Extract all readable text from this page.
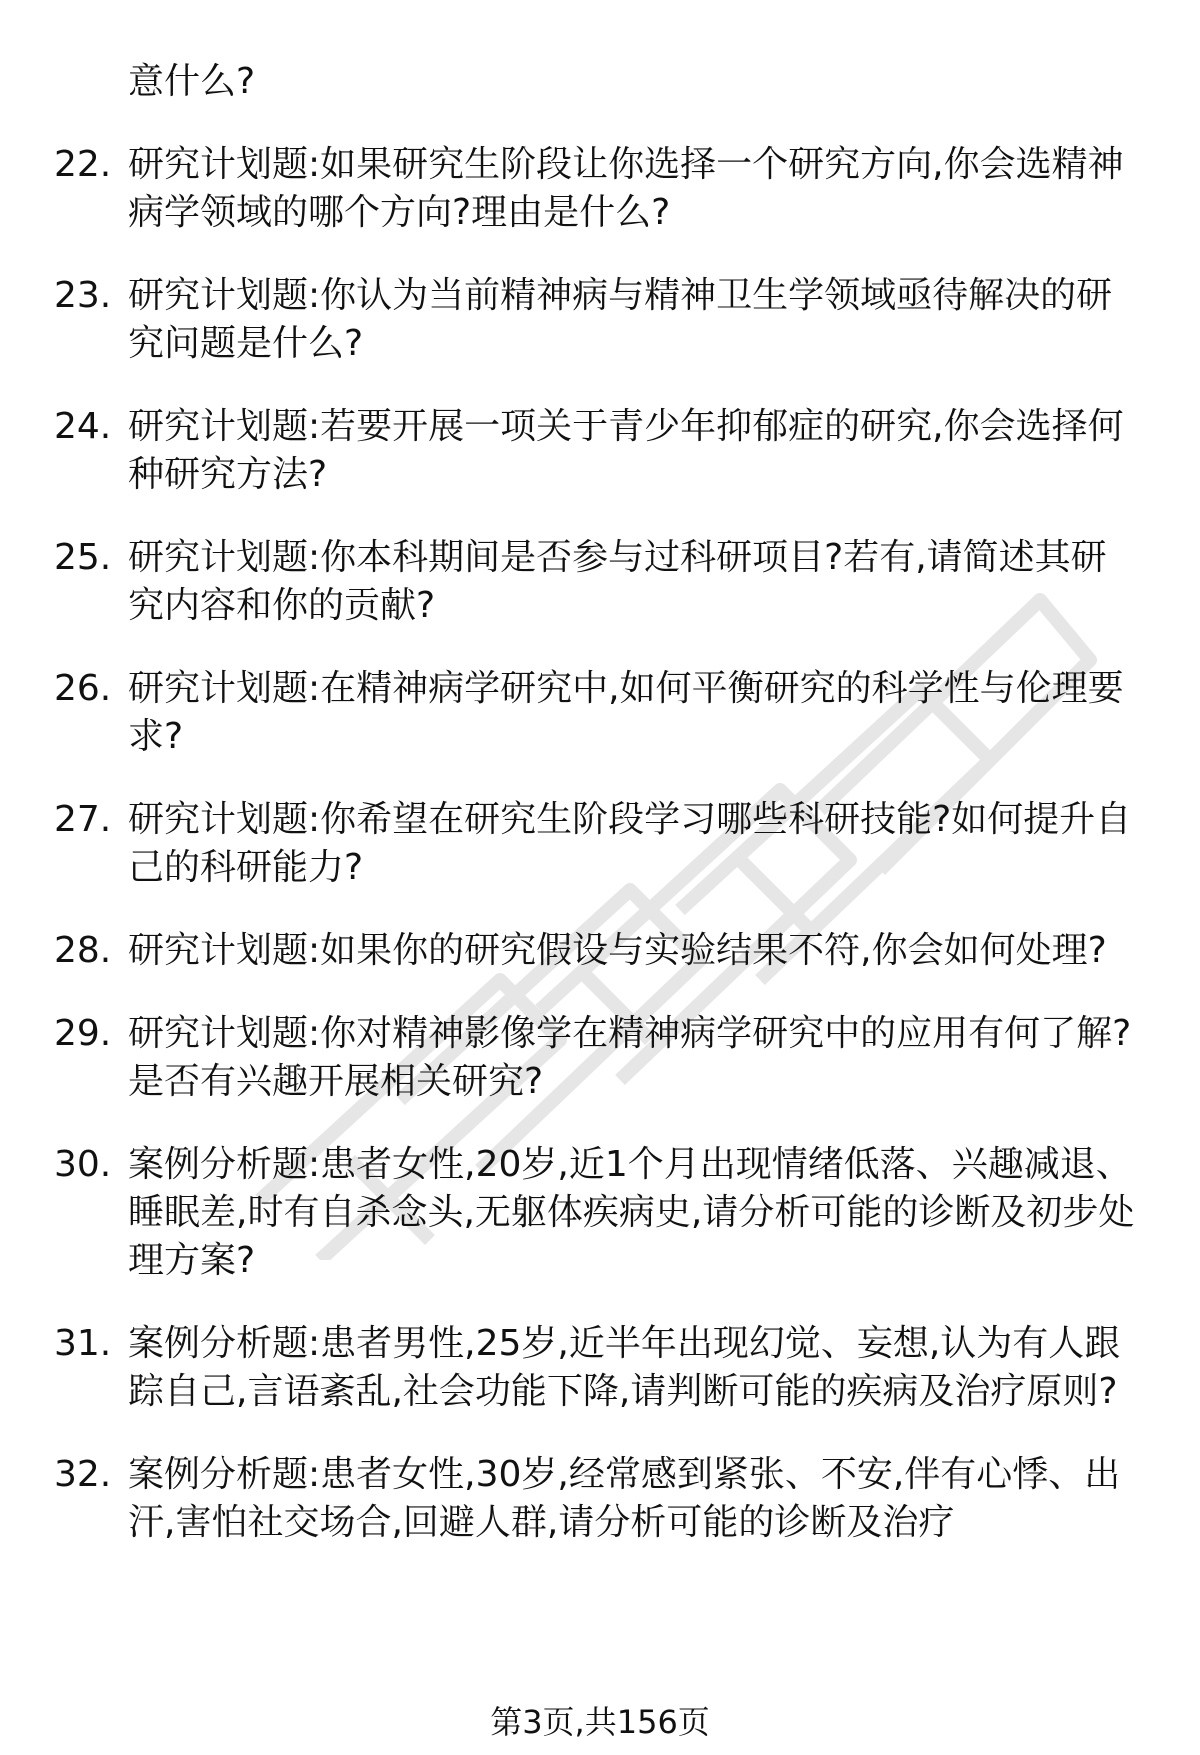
意什么?
22. 研究计划题:如果研究生阶段让你选择一个研究方向,你会选精神病学领域的哪个方向?理由是什么?
23. 研究计划题:你认为当前精神病与精神卫生学领域亟待解决的研究问题是什么?
24. 研究计划题:若要开展一项关于青少年抑郁症的研究,你会选择何种研究方法?
25. 研究计划题:你本科期间是否参与过科研项目?若有,请简述其研究内容和你的贡献?
26. 研究计划题:在精神病学研究中,如何平衡研究的科学性与伦理要求?
27. 研究计划题:你希望在研究生阶段学习哪些科研技能?如何提升自己的科研能力?
28. 研究计划题:如果你的研究假设与实验结果不符,你会如何处理?
29. 研究计划题:你对精神影像学在精神病学研究中的应用有何了解?是否有兴趣开展相关研究?
30. 案例分析题:患者女性,20岁,近1个月出现情绪低落、兴趣减退、睡眠差,时有自杀念头,无躯体疾病史,请分析可能的诊断及初步处理方案?
31. 案例分析题:患者男性,25岁,近半年出现幻觉、妄想,认为有人跟踪自己,言语紊乱,社会功能下降,请判断可能的疾病及治疗原则?
32. 案例分析题:患者女性,30岁,经常感到紧张、不安,伴有心悸、出汗,害怕社交场合,回避人群,请分析可能的诊断及治疗
第3页,共156页
